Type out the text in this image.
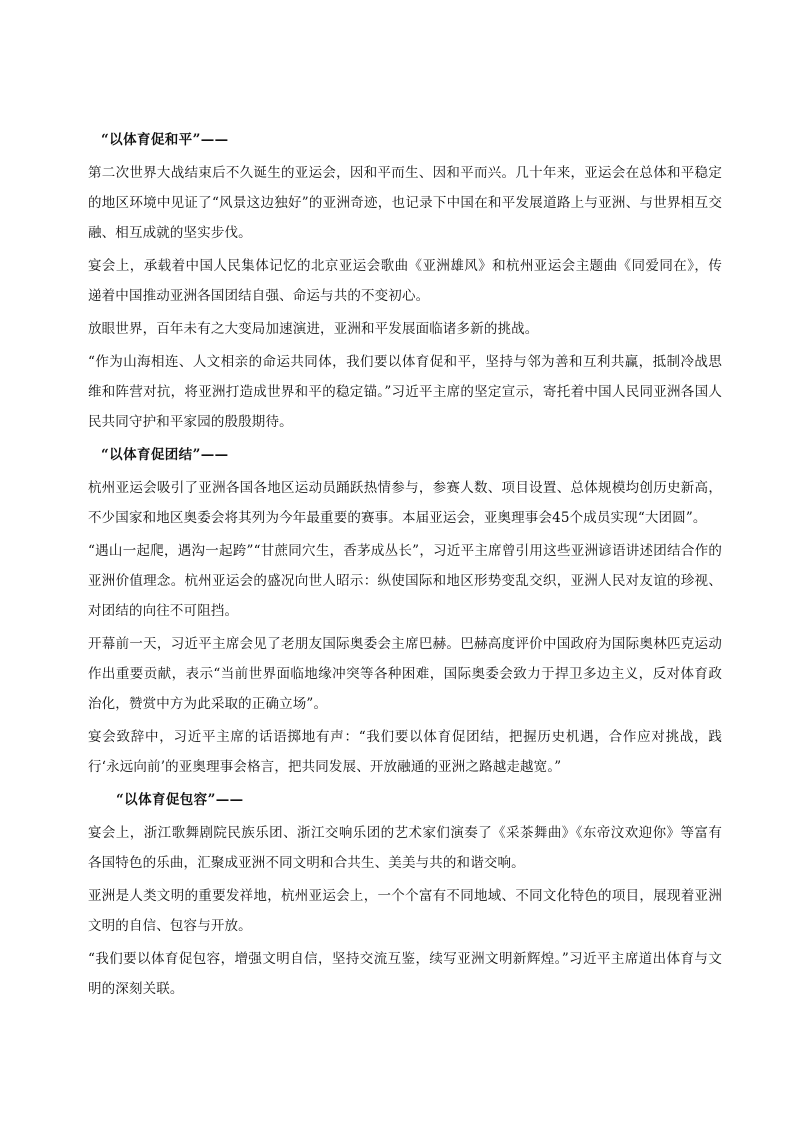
“以体育促和平”——

第二次世界大战结束后不久诞生的亚运会，因和平而生、因和平而兴。几十年来，亚运会在总体和平稳定的地区环境中见证了“风景这边独好”的亚洲奇迹，也记录下中国在和平发展道路上与亚洲、与世界相互交融、相互成就的坚实步伐。

宴会上，承载着中国人民集体记忆的北京亚运会歌曲《亚洲雄风》和杭州亚运会主题曲《同爱同在》，传递着中国推动亚洲各国团结自强、命运与共的不变初心。

放眼世界，百年未有之大变局加速演进，亚洲和平发展面临诸多新的挑战。

“作为山海相连、人文相亲的命运共同体，我们要以体育促和平，坚持与邻为善和互利共赢，抵制冷战思维和阵营对抗，将亚洲打造成世界和平的稳定锚。”习近平主席的坚定宣示，寄托着中国人民同亚洲各国人民共同守护和平家园的殷殷期待。

“以体育促团结”——

杭州亚运会吸引了亚洲各国各地区运动员踊跃热情参与，参赛人数、项目设置、总体规模均创历史新高，不少国家和地区奥委会将其列为今年最重要的赛事。本届亚运会，亚奥理事会45个成员实现“大团圆”。

“遇山一起爬，遇沟一起跨”“甘蔗同穴生，香茅成丛长”，习近平主席曾引用这些亚洲谚语讲述团结合作的亚洲价值理念。杭州亚运会的盛况向世人昭示：纵使国际和地区形势变乱交织，亚洲人民对友谊的珍视、对团结的向往不可阻挡。

开幕前一天，习近平主席会见了老朋友国际奥委会主席巴赫。巴赫高度评价中国政府为国际奥林匹克运动作出重要贡献，表示“当前世界面临地缘冲突等各种困难，国际奥委会致力于捍卫多边主义，反对体育政治化，赞赏中方为此采取的正确立场”。

宴会致辞中，习近平主席的话语掷地有声：“我们要以体育促团结，把握历史机遇，合作应对挑战，践行‘永远向前’的亚奥理事会格言，把共同发展、开放融通的亚洲之路越走越宽。”

“以体育促包容”——

宴会上，浙江歌舞剧院民族乐团、浙江交响乐团的艺术家们演奏了《采茶舞曲》《东帝汶欢迎你》等富有各国特色的乐曲，汇聚成亚洲不同文明和合共生、美美与共的和谐交响。

亚洲是人类文明的重要发祥地，杭州亚运会上，一个个富有不同地域、不同文化特色的项目，展现着亚洲文明的自信、包容与开放。

“我们要以体育促包容，增强文明自信，坚持交流互鉴，续写亚洲文明新辉煌。”习近平主席道出体育与文明的深刻关联。
